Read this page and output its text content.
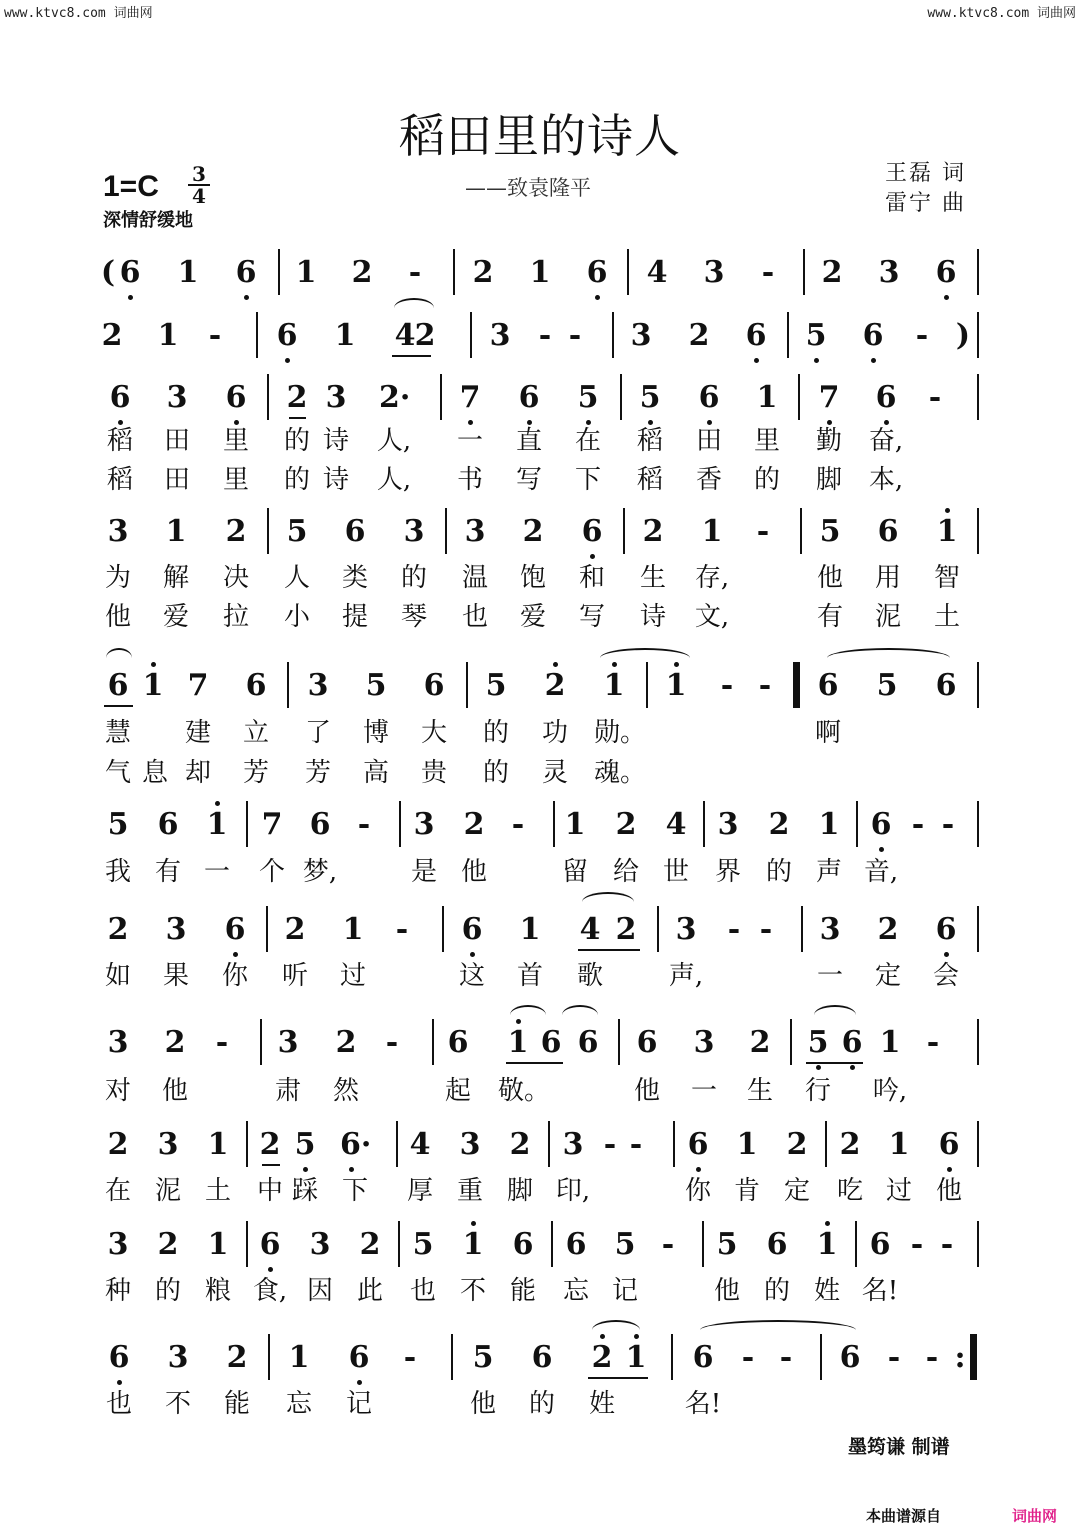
www.ktvc8.com 词曲网	www.ktvc8.com 词曲网
稻田里的诗人
——致袁隆平
1=C 3
4
深情舒缓地
王磊 词
雷宁 曲
( 6 1 6 1 2 - 2 1 6 4 3 - 2 3 6
2 1 - 6 1 4 2 3 - - 3 2 6 5 6 - )
6 3 6 2 3 2· 7 6 5 5 6 1 7 6 -
3 1 2 5 6 3 3 2 6 2 1 - 5 6 1
6 1 7 6 3 5 6 5 2 1 1 - - 6 5 6
5 6 1 7 6 - 3 2 - 1 2 4 3 2 1 6 - -
2 3 6 2 1 - 6 1 4 2 3 - - 3 2 6
3 2 - 3 2 - 6 1 6 6 6 3 2 5 6 1 -
2 3 1 2 5 6· 4 3 2 3 - - 6 1 2 2 1 6
3 2 1 6 3 2 5 1 6 6 5 - 5 6 1 6 - -
6 3 2 1 6 - 5 6 2 1 6 - - 6 - - :
稻 田 里 的 诗 人, 一 直 在 稻 田 里 勤 奋,
稻 田 里 的 诗 人, 书 写 下 稻 香 的 脚 本,
为 解 决 人 类 的 温 饱 和 生 存,	他 用 智
他 爱 拉 小 提 琴 也 爱 写 诗 文,	有 泥 土
慧 建 立 了 博 大 的 功 勋。	啊
气 息 却 芳 芳 高 贵 的 灵 魂。
我 有 一 个 梦,	是 他	留 给 世 界 的 声 音,
如 果 你 听 过	这 首 歌	声,	一 定 会
对 他	肃 然	起 敬。	他 一 生 行 吟,
在 泥 土 中 踩 下 厚 重 脚 印,	你 肯 定 吃 过 他
种 的 粮 食, 因 此 也 不 能 忘 记	他 的 姓 名!
也 不 能 忘 记	他 的 姓	名!
墨筠谦 制谱
本曲谱源自	词曲网
